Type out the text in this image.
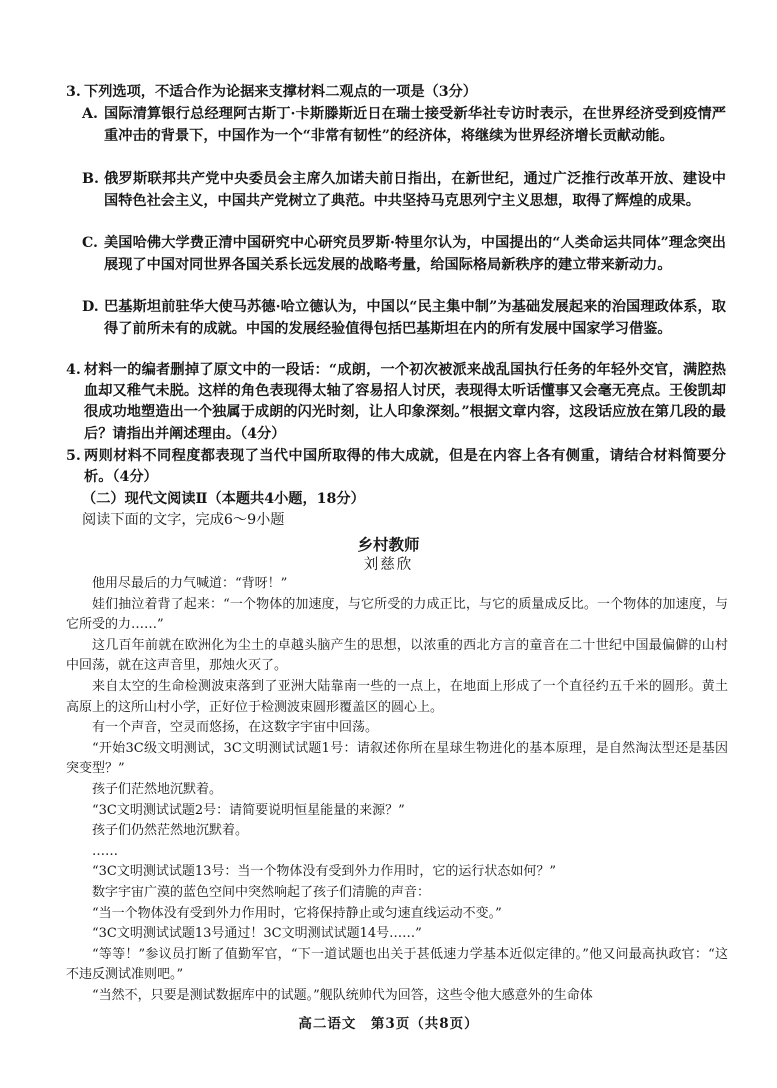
3. 下列选项，不适合作为论据来支撑材料二观点的一项是（3分）
A. 国际清算银行总经理阿古斯丁·卡斯滕斯近日在瑞士接受新华社专访时表示，在世界经济受到疫情严重冲击的背景下，中国作为一个“非常有韧性”的经济体，将继续为世界经济增长贡献动能。
B. 俄罗斯联邦共产党中央委员会主席久加诺夫前日指出，在新世纪，通过广泛推行改革开放、建设中国特色社会主义，中国共产党树立了典范。中共坚持马克思列宁主义思想，取得了辉煌的成果。
C. 美国哈佛大学费正清中国研究中心研究员罗斯·特里尔认为，中国提出的“人类命运共同体”理念突出展现了中国对同世界各国关系长远发展的战略考量，给国际格局新秩序的建立带来新动力。
D. 巴基斯坦前驻华大使马苏德·哈立德认为，中国以“民主集中制”为基础发展起来的治国理政体系，取得了前所未有的成就。中国的发展经验值得包括巴基斯坦在内的所有发展中国家学习借鉴。
4. 材料一的编者删掉了原文中的一段话：“成朗，一个初次被派来战乱国执行任务的年轻外交官，满腔热血却又稚气未脱。这样的角色表现得太轴了容易招人讨厌，表现得太听话懂事又会毫无亮点。王俊凯却很成功地塑造出一个独属于成朗的闪光时刻，让人印象深刻。”根据文章内容，这段话应放在第几段的最后？请指出并阐述理由。（4分）
5. 两则材料不同程度都表现了当代中国所取得的伟大成就，但是在内容上各有侧重，请结合材料简要分析。（4分）
（二）现代文阅读Ⅱ（本题共4小题，18分）
阅读下面的文字，完成6～9小题
乡村教师
刘慈欣
他用尽最后的力气喊道：“背呀！”
娃们抽泣着背了起来：“一个物体的加速度，与它所受的力成正比，与它的质量成反比。一个物体的加速度，与它所受的力……”
这几百年前就在欧洲化为尘土的卓越头脑产生的思想，以浓重的西北方言的童音在二十世纪中国最偏僻的山村中回荡，就在这声音里，那烛火灭了。
来自太空的生命检测波束落到了亚洲大陆靠南一些的一点上，在地面上形成了一个直径约五千米的圆形。黄土高原上的这所山村小学，正好位于检测波束圆形覆盖区的圆心上。
有一个声音，空灵而悠扬，在这数字宇宙中回荡。
“开始3C级文明测试，3C文明测试试题1号：请叙述你所在星球生物进化的基本原理，是自然淘汰型还是基因突变型？”
孩子们茫然地沉默着。
“3C文明测试试题2号：请简要说明恒星能量的来源？”
孩子们仍然茫然地沉默着。
……
“3C文明测试试题13号：当一个物体没有受到外力作用时，它的运行状态如何？”
数字宇宙广漠的蓝色空间中突然响起了孩子们清脆的声音：
“当一个物体没有受到外力作用时，它将保持静止或匀速直线运动不变。”
“3C文明测试试题13号通过！3C文明测试试题14号……”
“等等！”参议员打断了值勤军官，“下一道试题也出关于甚低速力学基本近似定律的。”他又问最高执政官：“这不违反测试准则吧。”
“当然不，只要是测试数据库中的试题。”舰队统帅代为回答，这些令他大感意外的生命体
高二语文　第3页（共8页）
